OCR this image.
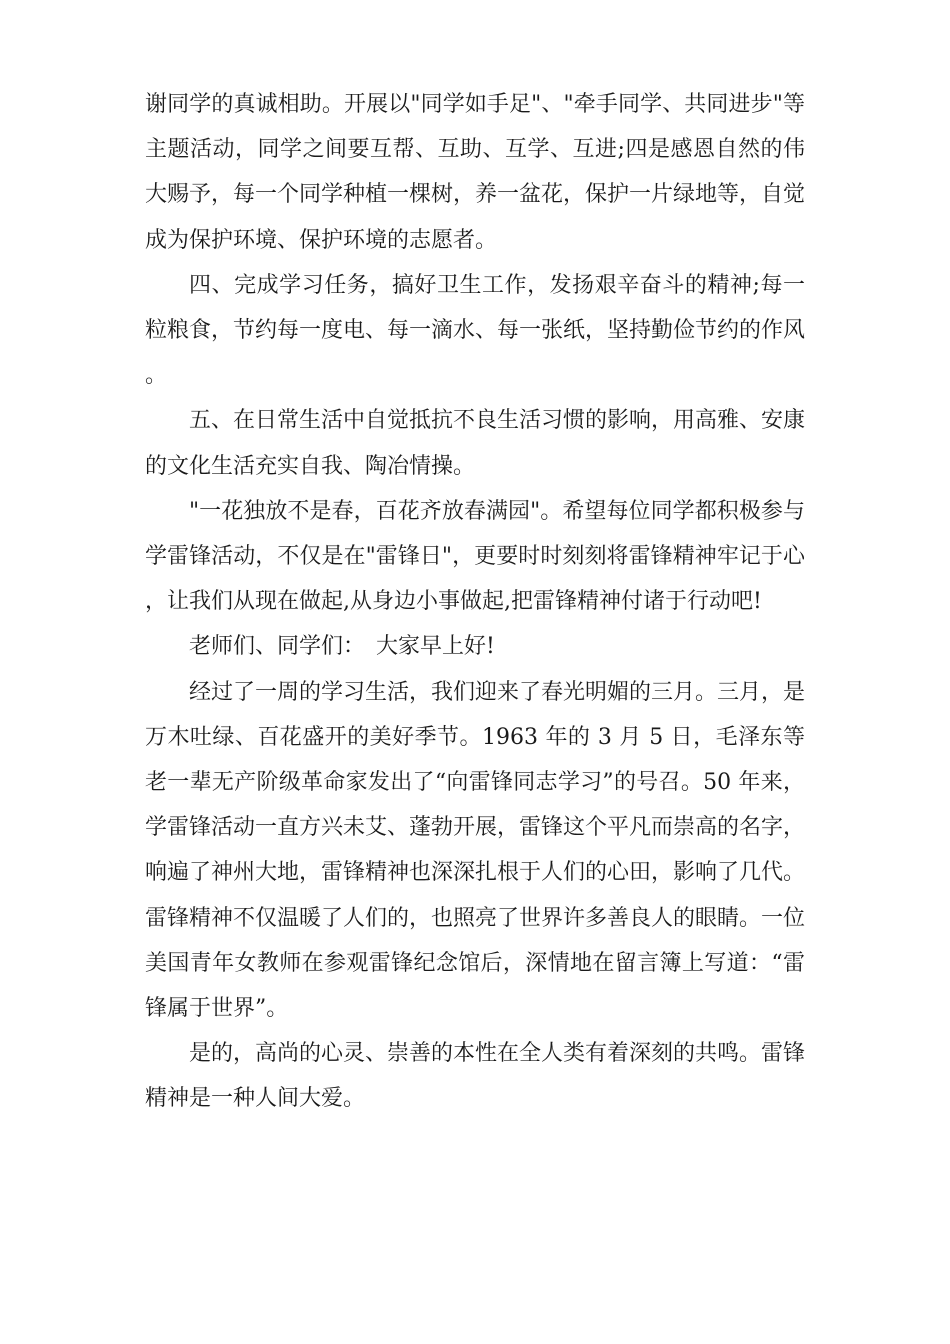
谢同学的真诚相助。开展以"同学如手足"、"牵手同学、共同进步"等主题活动，同学之间要互帮、互助、互学、互进;四是感恩自然的伟大赐予，每一个同学种植一棵树，养一盆花，保护一片绿地等，自觉成为保护环境、保护环境的志愿者。

四、完成学习任务，搞好卫生工作，发扬艰辛奋斗的精神;每一粒粮食，节约每一度电、每一滴水、每一张纸，坚持勤俭节约的作风。

五、在日常生活中自觉抵抗不良生活习惯的影响，用高雅、安康的文化生活充实自我、陶冶情操。

"一花独放不是春，百花齐放春满园"。希望每位同学都积极参与学雷锋活动，不仅是在"雷锋日"，更要时时刻刻将雷锋精神牢记于心，让我们从现在做起,从身边小事做起,把雷锋精神付诸于行动吧!

老师们、同学们：　大家早上好!

经过了一周的学习生活，我们迎来了春光明媚的三月。三月，是万木吐绿、百花盛开的美好季节。1963 年的 3 月 5 日，毛泽东等老一辈无产阶级革命家发出了“向雷锋同志学习”的号召。50 年来，学雷锋活动一直方兴未艾、蓬勃开展，雷锋这个平凡而崇高的名字，响遍了神州大地，雷锋精神也深深扎根于人们的心田，影响了几代。雷锋精神不仅温暖了人们的，也照亮了世界许多善良人的眼睛。一位美国青年女教师在参观雷锋纪念馆后，深情地在留言簿上写道：“雷锋属于世界”。

是的，高尚的心灵、崇善的本性在全人类有着深刻的共鸣。雷锋精神是一种人间大爱。
